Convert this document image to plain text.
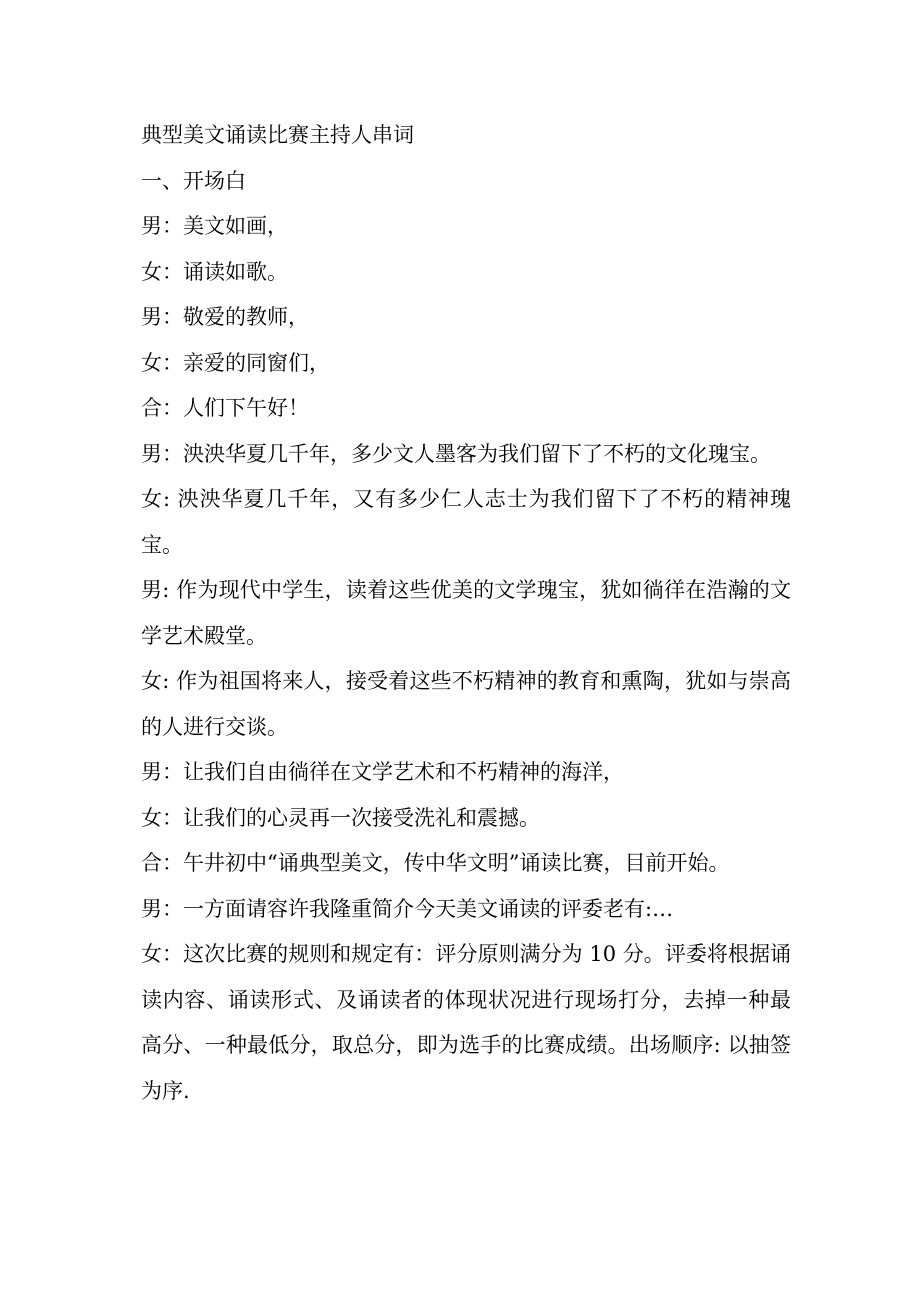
典型美文诵读比赛主持人串词

一、开场白

男：美文如画，

女：诵读如歌。

男：敬爱的教师，

女：亲爱的同窗们，

合：人们下午好！

男：泱泱华夏几千年，多少文人墨客为我们留下了不朽的文化瑰宝。

女: 泱泱华夏几千年，又有多少仁人志士为我们留下了不朽的精神瑰宝。

男: 作为现代中学生，读着这些优美的文学瑰宝，犹如徜徉在浩瀚的文学艺术殿堂。

女: 作为祖国将来人，接受着这些不朽精神的教育和熏陶，犹如与崇高的人进行交谈。

男：让我们自由徜徉在文学艺术和不朽精神的海洋，

女：让我们的心灵再一次接受洗礼和震撼。

合：午井初中“诵典型美文，传中华文明”诵读比赛，目前开始。

男：一方面请容许我隆重简介今天美文诵读的评委老有:…

女：这次比赛的规则和规定有：评分原则满分为 10 分。评委将根据诵读内容、诵读形式、及诵读者的体现状况进行现场打分，去掉一种最高分、一种最低分，取总分，即为选手的比赛成绩。出场顺序: 以抽签为序.
